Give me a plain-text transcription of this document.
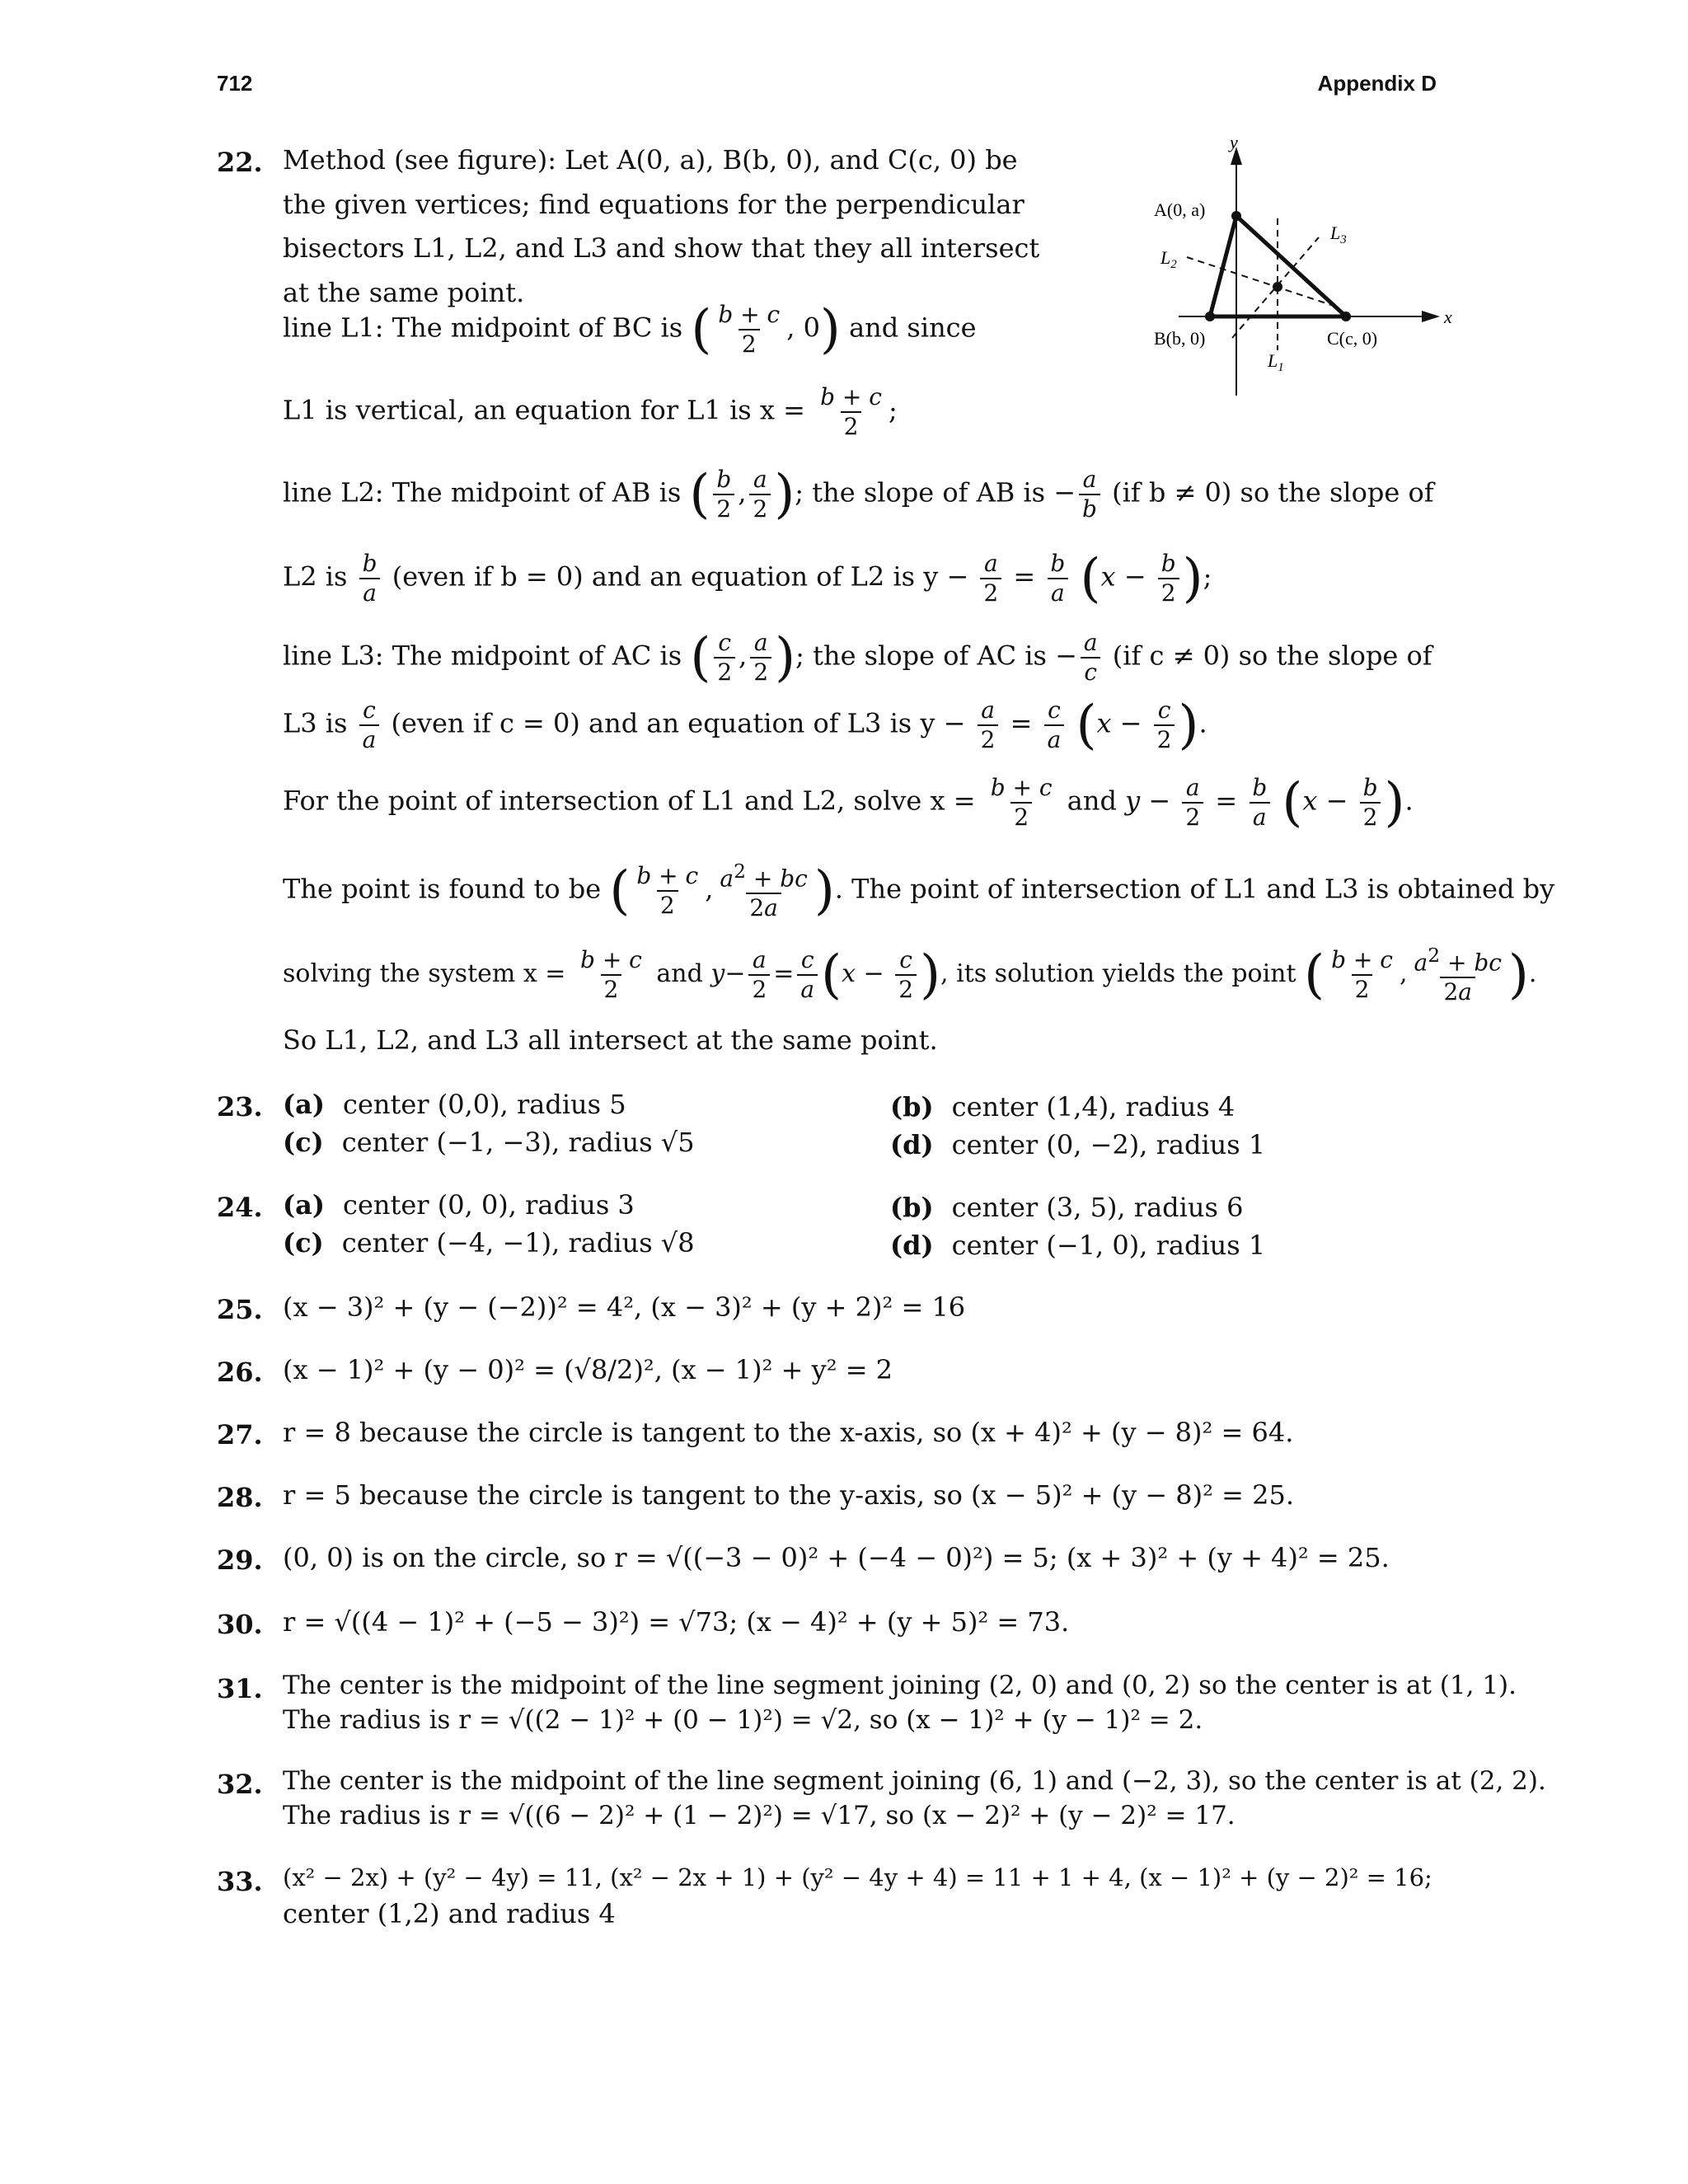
712	Appendix D
y
x
A(0, a)
B(b, 0)	C(c, 0)
$L_2$
$L_3$
$L_1$
22. Method (see figure): Let A(0, a), B(b, 0), and C(c, 0) be
the given vertices; find equations for the perpendicular
bisectors L1, L2, and L3 and show that they all intersect
at the same point.
line L1: The midpoint of BC is ( $\frac{b + c}{2}$ , 0) and since
L1 is vertical, an equation for L1 is $x = \frac{b + c}{2}$ ;
line L2: The midpoint of AB is ( $\frac{b}{2}$ , $\frac{a}{2}$ ); the slope of AB is − $\frac{a}{b} (if$ b ≠ 0) so the slope of
L2 is $\frac{b}{a}$ (even if b = 0) and an equation of L2 is $y - \frac{a}{2} = \frac{b}{a} (x - \frac{b}{2}$ );
line L3: The midpoint of AC is ( $\frac{c}{2}$ , $\frac{a}{2}$ ); the slope of AC is − $\frac{a}{c} (if$ c ≠ 0) so the slope of
L3 is $\frac{c}{a}$ (even if c = 0) and an equation of L3 is $y - \frac{a}{2} = \frac{c}{a} (x - \frac{c}{2}$ ).
For the point of intersection of L1 and L2, solve $x = \frac{b + c}{2}$ and $y - \frac{a}{2} = \frac{b}{a} (x - \frac{b}{2}$ ).
The point is found to be ( $\frac{b + c}{2}$ , $\frac{a^2 + bc}{2a}$ ). The point of intersection of L1 and L3 is obtained by
solving the system $x = \frac{b + c}{2}$ and $y- \frac{a}{2} = \frac{c}{a} (x - \frac{c}{2}$ ), its solution yields the point ( $\frac{b + c}{2}$ , $\frac{a^2 + bc}{2a}$ ).
So L1, L2, and L3 all intersect at the same point.
23. (a) center (0,0), radius 5	(b) center (1,4), radius 4
(c) center (−1, −3), radius √5	(d) center (0, −2), radius 1
24. (a) center (0, 0), radius 3	(b) center (3, 5), radius 6
(c) center (−4, −1), radius √8	(d) center (−1, 0), radius 1
25. (x − 3)² + (y − (−2))² = 4², (x − 3)² + (y + 2)² = 16
26. (x − 1)² + (y − 0)² = (√8/2)², (x − 1)² + y² = 2
27. r = 8 because the circle is tangent to the x-axis, so (x + 4)² + (y − 8)² = 64.
28. r = 5 because the circle is tangent to the y-axis, so (x − 5)² + (y − 8)² = 25.
29. (0, 0) is on the circle, so r = √((−3 − 0)² + (−4 − 0)²) = 5; (x + 3)² + (y + 4)² = 25.
30. r = √((4 − 1)² + (−5 − 3)²) = √73; (x − 4)² + (y + 5)² = 73.
31. The center is the midpoint of the line segment joining (2, 0) and (0, 2) so the center is at (1, 1).
The radius is r = √((2 − 1)² + (0 − 1)²) = √2, so (x − 1)² + (y − 1)² = 2.
32. The center is the midpoint of the line segment joining (6, 1) and (−2, 3), so the center is at (2, 2).
The radius is r = √((6 − 2)² + (1 − 2)²) = √17, so (x − 2)² + (y − 2)² = 17.
33. (x² − 2x) + (y² − 4y) = 11, (x² − 2x + 1) + (y² − 4y + 4) = 11 + 1 + 4, (x − 1)² + (y − 2)² = 16;
center (1,2) and radius 4
